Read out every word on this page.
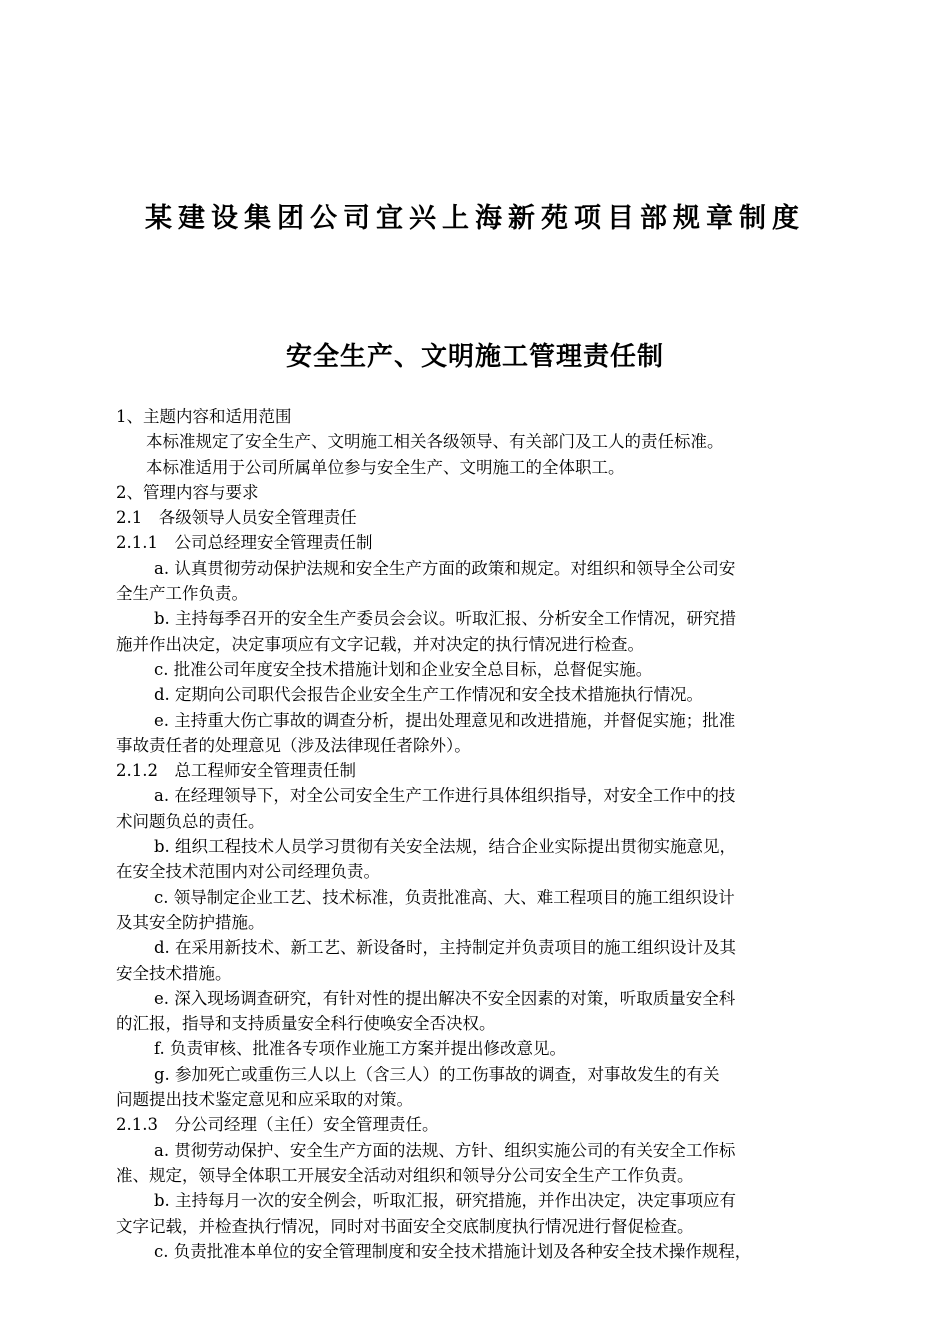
某建设集团公司宜兴上海新苑项目部规章制度
安全生产、文明施工管理责任制
1、主题内容和适用范围
本标准规定了安全生产、文明施工相关各级领导、有关部门及工人的责任标准。
本标准适用于公司所属单位参与安全生产、文明施工的全体职工。
2、管理内容与要求
2.1　各级领导人员安全管理责任
2.1.1　公司总经理安全管理责任制
a. 认真贯彻劳动保护法规和安全生产方面的政策和规定。对组织和领导全公司安
全生产工作负责。
b. 主持每季召开的安全生产委员会会议。听取汇报、分析安全工作情况，研究措
施并作出决定，决定事项应有文字记载，并对决定的执行情况进行检查。
c. 批准公司年度安全技术措施计划和企业安全总目标，总督促实施。
d. 定期向公司职代会报告企业安全生产工作情况和安全技术措施执行情况。
e. 主持重大伤亡事故的调查分析，提出处理意见和改进措施，并督促实施；批准
事故责任者的处理意见（涉及法律现任者除外）。
2.1.2　总工程师安全管理责任制
a. 在经理领导下，对全公司安全生产工作进行具体组织指导，对安全工作中的技
术问题负总的责任。
b. 组织工程技术人员学习贯彻有关安全法规，结合企业实际提出贯彻实施意见，
在安全技术范围内对公司经理负责。
c. 领导制定企业工艺、技术标准，负责批准高、大、难工程项目的施工组织设计
及其安全防护措施。
d. 在采用新技术、新工艺、新设备时，主持制定并负责项目的施工组织设计及其
安全技术措施。
e. 深入现场调查研究，有针对性的提出解决不安全因素的对策，听取质量安全科
的汇报，指导和支持质量安全科行使唤安全否决权。
f. 负责审核、批准各专项作业施工方案并提出修改意见。
g. 参加死亡或重伤三人以上（含三人）的工伤事故的调查，对事故发生的有关
问题提出技术鉴定意见和应采取的对策。
2.1.3　分公司经理（主任）安全管理责任。
a. 贯彻劳动保护、安全生产方面的法规、方针、组织实施公司的有关安全工作标
准、规定，领导全体职工开展安全活动对组织和领导分公司安全生产工作负责。
b. 主持每月一次的安全例会，听取汇报，研究措施，并作出决定，决定事项应有
文字记载，并检查执行情况，同时对书面安全交底制度执行情况进行督促检查。
c. 负责批准本单位的安全管理制度和安全技术措施计划及各种安全技术操作规程，
